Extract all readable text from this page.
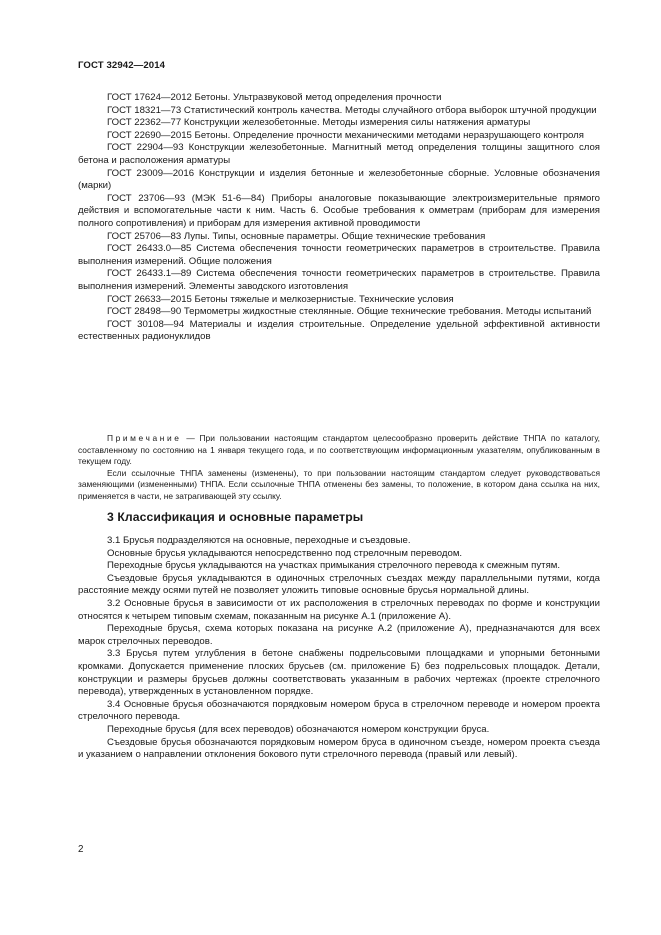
ГОСТ 32942—2014

ГОСТ 17624—2012 Бетоны. Ультразвуковой метод определения прочности

ГОСТ 18321—73 Статистический контроль качества. Методы случайного отбора выборок штучной продукции

ГОСТ 22362—77 Конструкции железобетонные. Методы измерения силы натяжения арматуры

ГОСТ 22690—2015 Бетоны. Определение прочности механическими методами неразрушающего контроля

ГОСТ 22904—93 Конструкции железобетонные. Магнитный метод определения толщины защитного слоя бетона и расположения арматуры

ГОСТ 23009—2016 Конструкции и изделия бетонные и железобетонные сборные. Условные обозначения (марки)

ГОСТ 23706—93 (МЭК 51-6—84) Приборы аналоговые показывающие электроизмерительные прямого действия и вспомогательные части к ним. Часть 6. Особые требования к омметрам (приборам для измерения полного сопротивления) и приборам для измерения активной проводимости

ГОСТ 25706—83 Лупы. Типы, основные параметры. Общие технические требования

ГОСТ 26433.0—85 Система обеспечения точности геометрических параметров в строительстве. Правила выполнения измерений. Общие положения

ГОСТ 26433.1—89 Система обеспечения точности геометрических параметров в строительстве. Правила выполнения измерений. Элементы заводского изготовления

ГОСТ 26633—2015 Бетоны тяжелые и мелкозернистые. Технические условия

ГОСТ 28498—90 Термометры жидкостные стеклянные. Общие технические требования. Методы испытаний

ГОСТ 30108—94 Материалы и изделия строительные. Определение удельной эффективной активности естественных радионуклидов

Примечание — При пользовании настоящим стандартом целесообразно проверить действие ТНПА по каталогу, составленному по состоянию на 1 января текущего года, и по соответствующим информационным указателям, опубликованным в текущем году.

Если ссылочные ТНПА заменены (изменены), то при пользовании настоящим стандартом следует руководствоваться заменяющими (измененными) ТНПА. Если ссылочные ТНПА отменены без замены, то положение, в котором дана ссылка на них, применяется в части, не затрагивающей эту ссылку.

3 Классификация и основные параметры

3.1 Брусья подразделяются на основные, переходные и съездовые.

Основные брусья укладываются непосредственно под стрелочным переводом.

Переходные брусья укладываются на участках примыкания стрелочного перевода к смежным путям.

Съездовые брусья укладываются в одиночных стрелочных съездах между параллельными путями, когда расстояние между осями путей не позволяет уложить типовые основные брусья нормальной длины.

3.2 Основные брусья в зависимости от их расположения в стрелочных переводах по форме и конструкции относятся к четырем типовым схемам, показанным на рисунке А.1 (приложение А).

Переходные брусья, схема которых показана на рисунке А.2 (приложение А), предназначаются для всех марок стрелочных переводов.

3.3 Брусья путем углубления в бетоне снабжены подрельсовыми площадками и упорными бетонными кромками. Допускается применение плоских брусьев (см. приложение Б) без подрельсовых площадок. Детали, конструкции и размеры брусьев должны соответствовать указанным в рабочих чертежах (проекте стрелочного перевода), утвержденных в установленном порядке.

3.4 Основные брусья обозначаются порядковым номером бруса в стрелочном переводе и номером проекта стрелочного перевода.

Переходные брусья (для всех переводов) обозначаются номером конструкции бруса.

Съездовые брусья обозначаются порядковым номером бруса в одиночном съезде, номером проекта съезда и указанием о направлении отклонения бокового пути стрелочного перевода (правый или левый).

2
